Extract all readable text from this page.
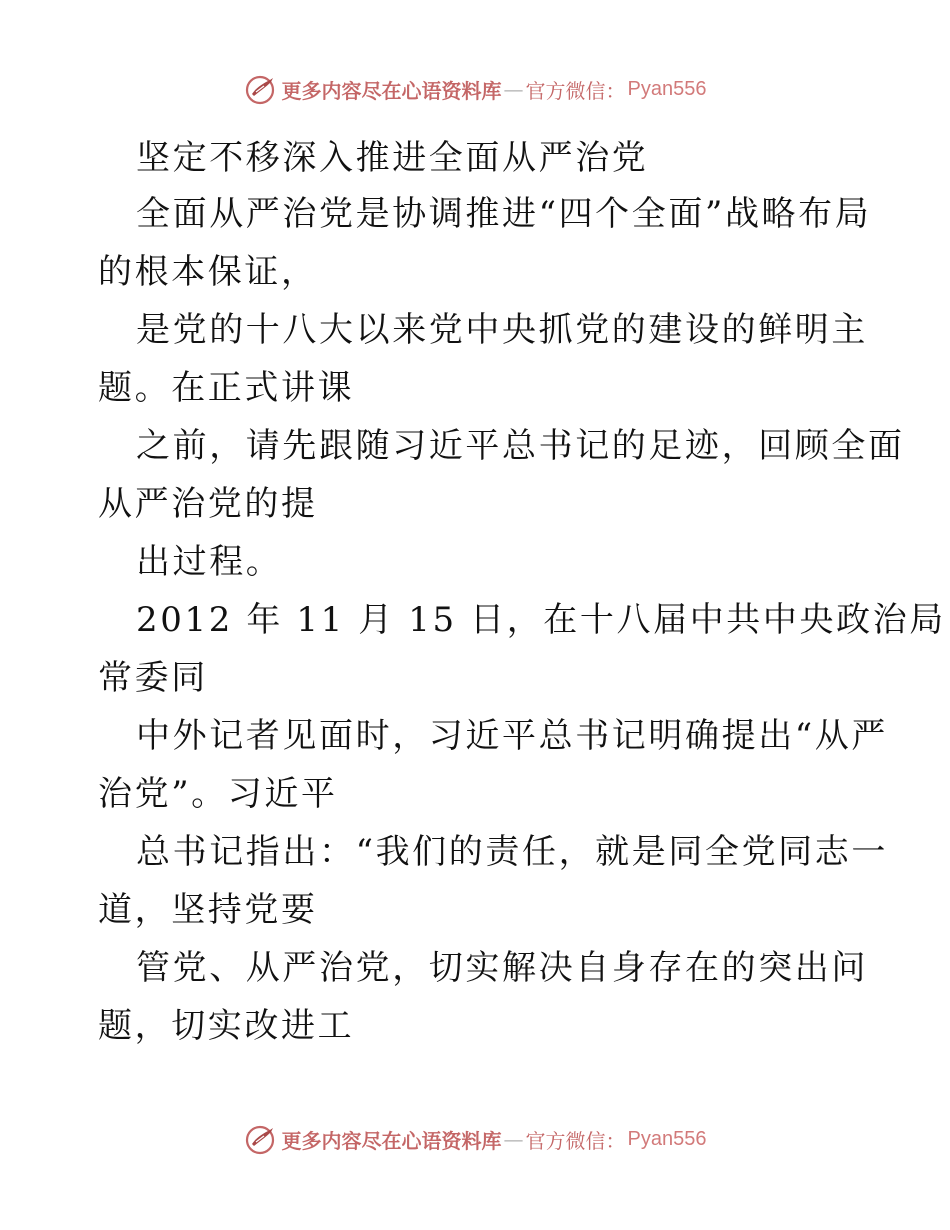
更多内容尽在心语资料库 — 官方微信： Pyan556
坚定不移深入推进全面从严治党
全面从严治党是协调推进“四个全面”战略布局
的根本保证，
是党的十八大以来党中央抓党的建设的鲜明主
题。在正式讲课
之前，请先跟随习近平总书记的足迹，回顾全面
从严治党的提
出过程。
2012 年 11 月 15 日，在十八届中共中央政治局
常委同
中外记者见面时，习近平总书记明确提出“从严
治党”。习近平
总书记指出：“我们的责任，就是同全党同志一
道，坚持党要
管党、从严治党，切实解决自身存在的突出问
题，切实改进工
更多内容尽在心语资料库 — 官方微信： Pyan556
